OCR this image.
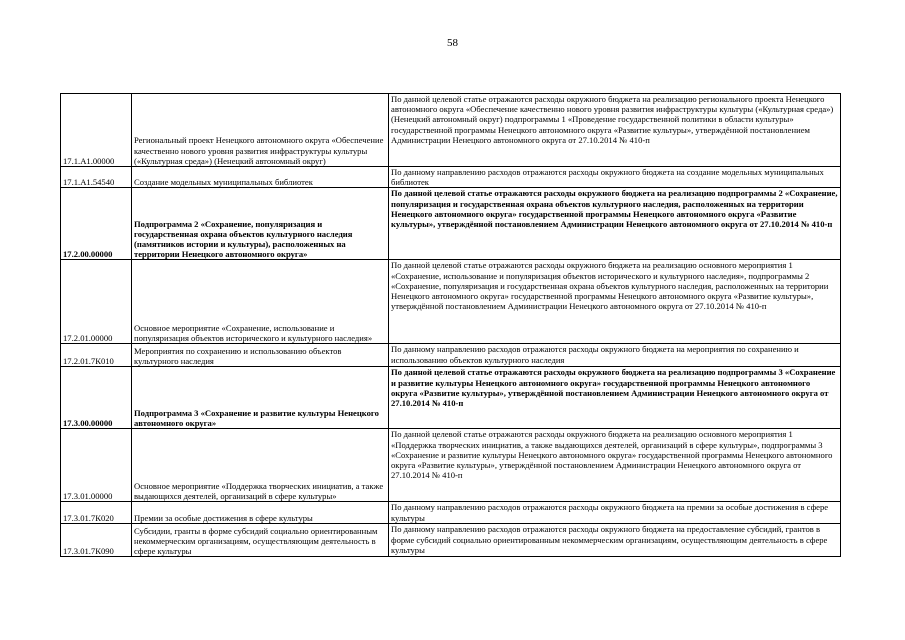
58
17.1.А1.00000	Региональный проект Ненецкого автономного округа «Обеспечение качественно нового уровня развития инфраструктуры культуры («Культурная среда») (Ненецкий автономный округ)	По данной целевой статье отражаются расходы окружного бюджета на реализацию регионального проекта Ненецкого автономного округа «Обеспечение качественно нового уровня развития инфраструктуры культуры («Культурная среда») (Ненецкий автономный округ) подпрограммы 1 «Проведение государственной политики в области культуры» государственной программы Ненецкого автономного округа «Развитие культуры», утверждённой постановлением Администрации Ненецкого автономного округа от 27.10.2014 № 410-п
17.1.А1.54540	Создание модельных муниципальных библиотек	По данному направлению расходов отражаются расходы окружного бюджета на создание модельных муниципальных библиотек
17.2.00.00000	Подпрограмма 2 «Сохранение, популяризация и государственная охрана объектов культурного наследия (памятников истории и культуры), расположенных на территории Ненецкого автономного округа»	По данной целевой статье отражаются расходы окружного бюджета на реализацию подпрограммы 2 «Сохранение, популяризация и государственная охрана объектов культурного наследия, расположенных на территории Ненецкого автономного округа» государственной программы Ненецкого автономного округа «Развитие культуры», утверждённой постановлением Администрации Ненецкого автономного округа от 27.10.2014 № 410-п
17.2.01.00000	Основное мероприятие «Сохранение, использование и популяризация объектов исторического и культурного наследия»	По данной целевой статье отражаются расходы окружного бюджета на реализацию основного мероприятия 1 «Сохранение, использование и популяризация объектов исторического и культурного наследия», подпрограммы 2 «Сохранение, популяризация и государственная охрана объектов культурного наследия, расположенных на территории Ненецкого автономного округа» государственной программы Ненецкого автономного округа «Развитие культуры», утверждённой постановлением Администрации Ненецкого автономного округа от 27.10.2014 № 410-п
17.2.01.7К010	Мероприятия по сохранению и использованию объектов культурного наследия	По данному направлению расходов отражаются расходы окружного бюджета на мероприятия по сохранению и использованию объектов культурного наследия
17.3.00.00000	Подпрограмма 3 «Сохранение и развитие культуры Ненецкого автономного округа»	По данной целевой статье отражаются расходы окружного бюджета на реализацию подпрограммы 3 «Сохранение и развитие культуры Ненецкого автономного округа» государственной программы Ненецкого автономного округа «Развитие культуры», утверждённой постановлением Администрации Ненецкого автономного округа от 27.10.2014 № 410-п
17.3.01.00000	Основное мероприятие «Поддержка творческих инициатив, а также выдающихся деятелей, организаций в сфере культуры»	По данной целевой статье отражаются расходы окружного бюджета на реализацию основного мероприятия 1 «Поддержка творческих инициатив, а также выдающихся деятелей, организаций в сфере культуры», подпрограммы 3 «Сохранение и развитие культуры Ненецкого автономного округа» государственной программы Ненецкого автономного округа «Развитие культуры», утверждённой постановлением Администрации Ненецкого автономного округа от 27.10.2014 № 410-п
17.3.01.7К020	Премии за особые достижения в сфере культуры	По данному направлению расходов отражаются расходы окружного бюджета на премии за особые достижения в сфере культуры
17.3.01.7К090	Субсидии, гранты в форме субсидий социально ориентированным некоммерческим организациям, осуществляющим деятельность в сфере культуры	По данному направлению расходов отражаются расходы окружного бюджета на предоставление субсидий, грантов в форме субсидий социально ориентированным некоммерческим организациям, осуществляющим деятельность в сфере культуры
